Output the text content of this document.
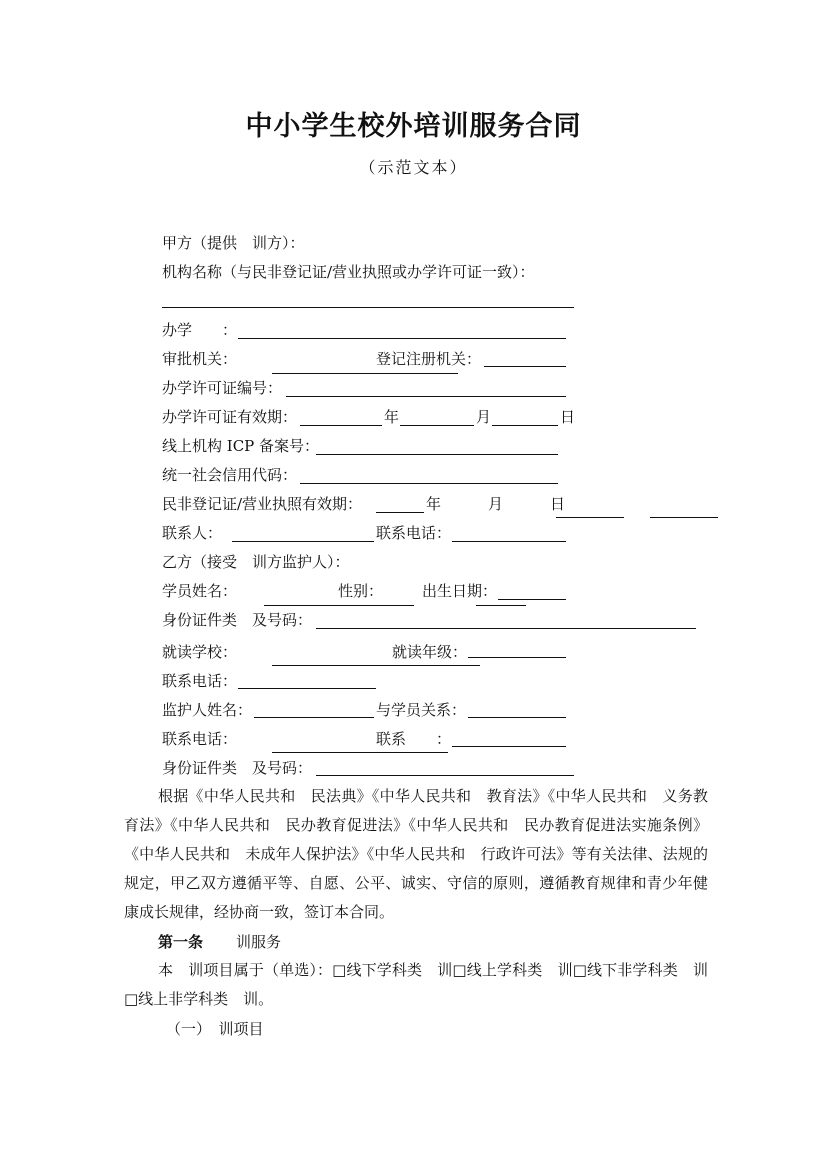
中小学生校外培训服务合同
（示范文本）
甲方（提供　训方）：
机构名称（与民非登记证/营业执照或办学许可证一致）：
办学　　：
审批机关：	登记注册机关：
办学许可证编号：
办学许可证有效期：	年	月	日
线上机构 ICP 备案号：
统一社会信用代码：
民非登记证/营业执照有效期：	年	月	日
联系人：	联系电话：
乙方（接受　训方监护人）：
学员姓名：	性别：	出生日期：
身份证件类　及号码：
就读学校：	就读年级：
联系电话：
监护人姓名：	与学员关系：
联系电话：	联系　　：
身份证件类　及号码：
根据《中华人民共和　民法典》《中华人民共和　教育法》《中华人民共和　义务教育法》《中华人民共和　民办教育促进法》《中华人民共和　民办教育促进法实施条例》《中华人民共和　未成年人保护法》《中华人民共和　行政许可法》等有关法律、法规的规定，甲乙双方遵循平等、自愿、公平、诚实、守信的原则，遵循教育规律和青少年健康成长规律，经协商一致，签订本合同。
第一条　训服务
本　训项目属于（单选）：□线下学科类　训□线上学科类　训□线下非学科类　训□线上非学科类　训。
（一）　训项目
